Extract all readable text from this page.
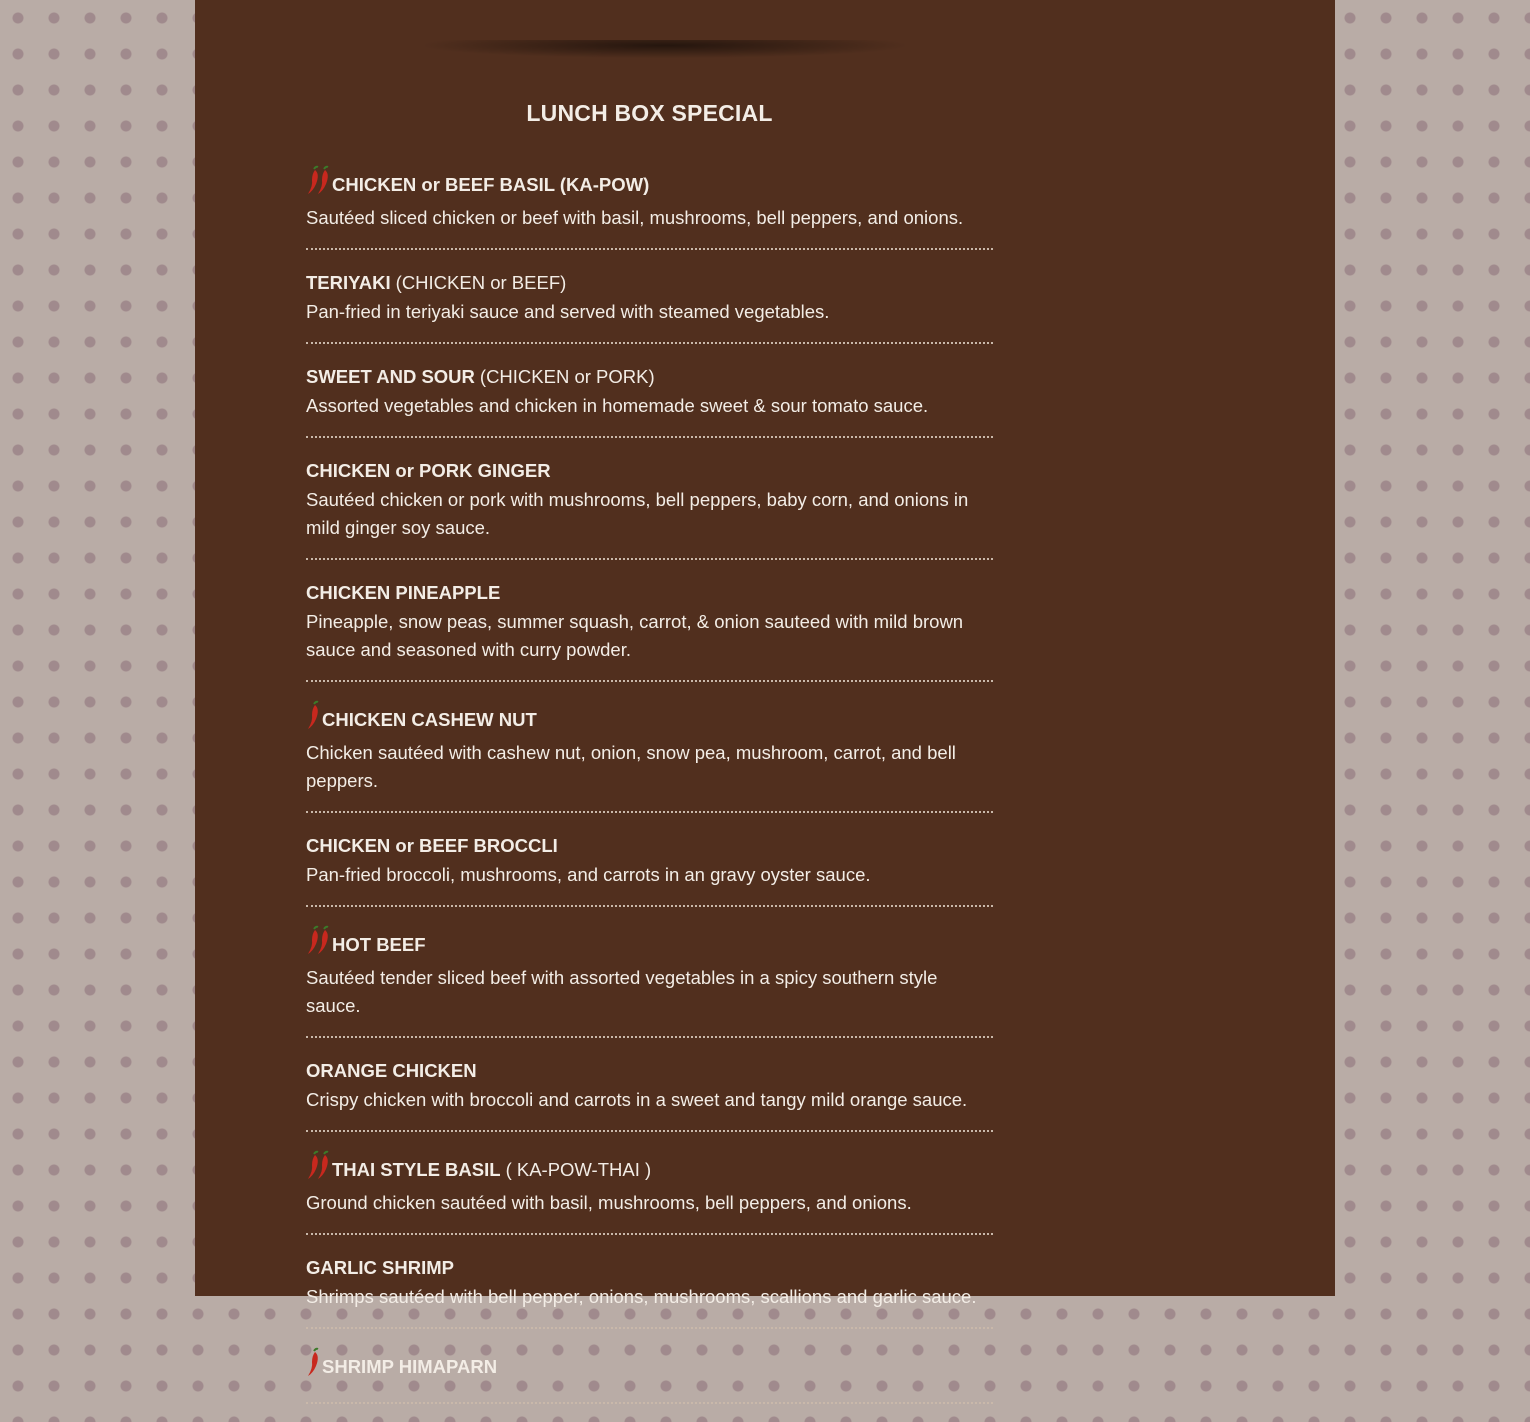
LUNCH BOX SPECIAL
CHICKEN or BEEF BASIL (KA-POW)
Sautéed sliced chicken or beef with basil, mushrooms, bell peppers, and onions.
TERIYAKI (CHICKEN or BEEF)
Pan-fried in teriyaki sauce and served with steamed vegetables.
SWEET AND SOUR (CHICKEN or PORK)
Assorted vegetables and chicken in homemade sweet & sour tomato sauce.
CHICKEN or PORK GINGER
Sautéed chicken or pork with mushrooms, bell peppers, baby corn, and onions in mild ginger soy sauce.
CHICKEN PINEAPPLE
Pineapple, snow peas, summer squash, carrot, & onion sauteed with mild brown sauce and seasoned with curry powder.
CHICKEN CASHEW NUT
Chicken sautéed with cashew nut, onion, snow pea, mushroom, carrot, and bell peppers.
CHICKEN or BEEF BROCCLI
Pan-fried broccoli, mushrooms, and carrots in an gravy oyster sauce.
HOT BEEF
Sautéed tender sliced beef with assorted vegetables in a spicy southern style sauce.
ORANGE CHICKEN
Crispy chicken with broccoli and carrots in a sweet and tangy mild orange sauce.
THAI STYLE BASIL ( KA-POW-THAI )
Ground chicken sautéed with basil, mushrooms, bell peppers, and onions.
GARLIC SHRIMP
Shrimps sautéed with bell pepper, onions, mushrooms, scallions and garlic sauce.
SHRIMP HIMAPARN
